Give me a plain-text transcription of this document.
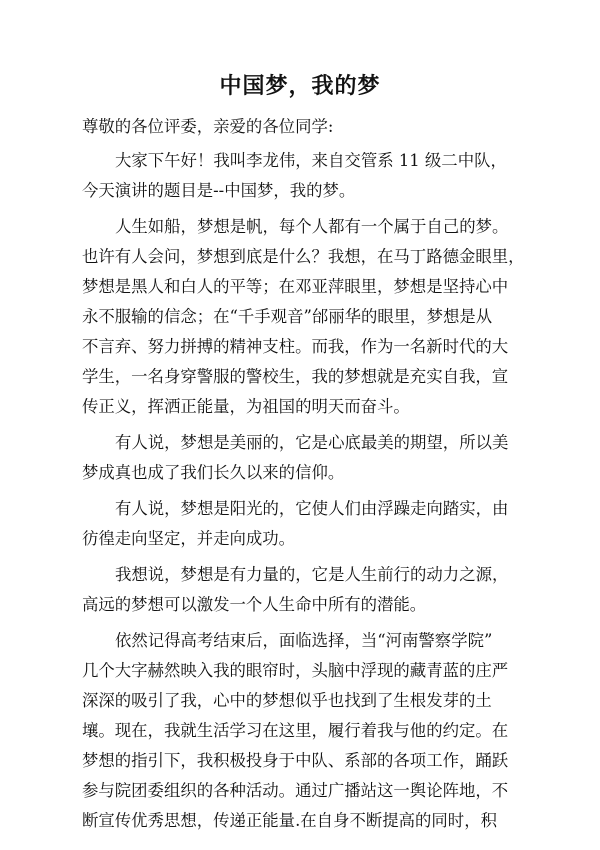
中国梦，我的梦
尊敬的各位评委，亲爱的各位同学:
大家下午好！我叫李龙伟，来自交管系 11 级二中队，
今天演讲的题目是--中国梦，我的梦。
人生如船，梦想是帆，每个人都有一个属于自己的梦。
也许有人会问，梦想到底是什么？我想，在马丁路德金眼里，
梦想是黑人和白人的平等；在邓亚萍眼里，梦想是坚持心中
永不服输的信念；在“千手观音”邰丽华的眼里，梦想是从
不言弃、努力拼搏的精神支柱。而我，作为一名新时代的大
学生，一名身穿警服的警校生，我的梦想就是充实自我，宣
传正义，挥洒正能量，为祖国的明天而奋斗。
有人说，梦想是美丽的，它是心底最美的期望，所以美
梦成真也成了我们长久以来的信仰。
有人说，梦想是阳光的，它使人们由浮躁走向踏实，由
彷徨走向坚定，并走向成功。
我想说，梦想是有力量的，它是人生前行的动力之源，
高远的梦想可以激发一个人生命中所有的潜能。
依然记得高考结束后，面临选择，当“河南警察学院”
几个大字赫然映入我的眼帘时，头脑中浮现的藏青蓝的庄严
深深的吸引了我，心中的梦想似乎也找到了生根发芽的土
壤。现在，我就生活学习在这里，履行着我与他的约定。在
梦想的指引下，我积极投身于中队、系部的各项工作，踊跃
参与院团委组织的各种活动。通过广播站这一舆论阵地，不
断宣传优秀思想，传递正能量.在自身不断提高的同时，积
